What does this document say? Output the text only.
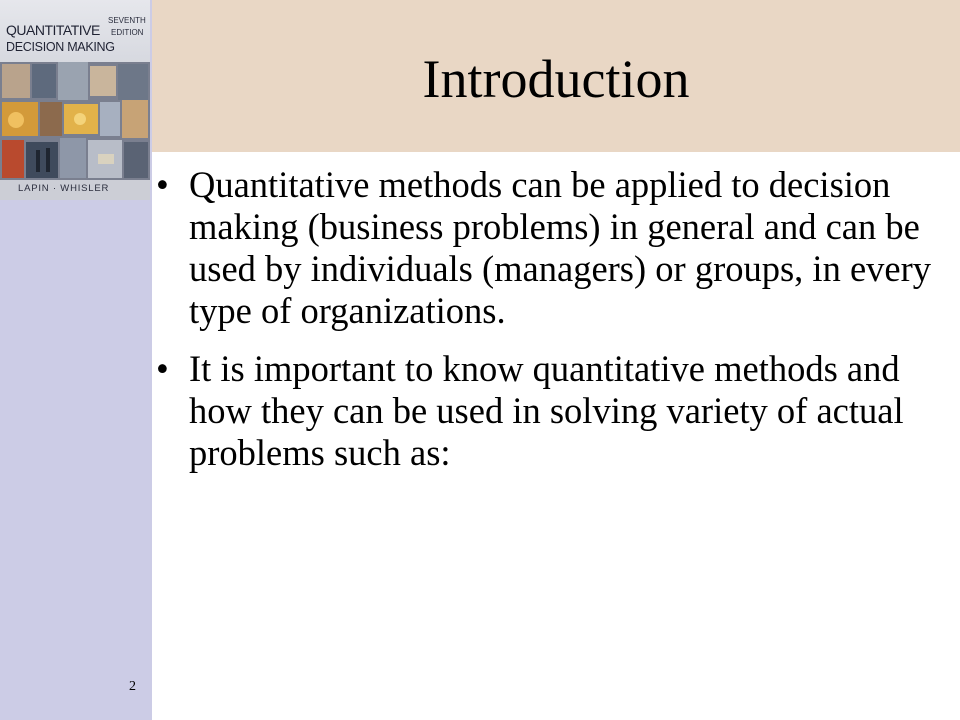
QUANTITATIVE
DECISION MAKING
SEVENTH
EDITION
LAPIN · WHISLER
Introduction
• Quantitative methods can be applied to decision making (business problems) in general and can be used by individuals (managers) or groups, in every type of organizations.
• It is important to know quantitative methods and how they can be used in solving variety of actual problems such as:
2
